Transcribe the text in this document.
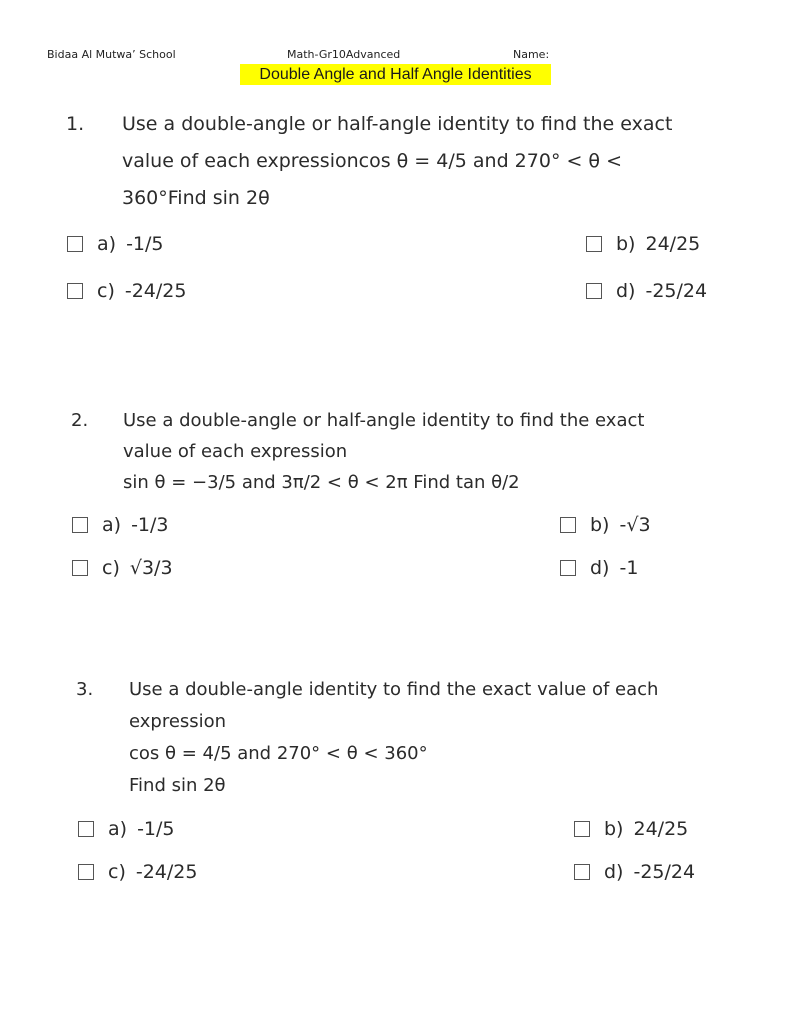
Bidaa Al Mutwa’ School	Math-Gr10Advanced	Name:
Double Angle and Half Angle Identities
1. Use a double-angle or half-angle identity to find the exact
value of each expressioncos θ = 4/5 and 270° < θ <
360°Find sin 2θ
a) -1/5	b) 24/25
c) -24/25	d) -25/24
2. Use a double-angle or half-angle identity to find the exact
value of each expression
sin θ = −3/5 and 3π/2 < θ < 2π Find tan θ/2
a) -1/3	b) -√3
c) √3/3	d) -1
3. Use a double-angle identity to find the exact value of each
expression
cos θ = 4/5 and 270° < θ < 360°
Find sin 2θ
a) -1/5	b) 24/25
c) -24/25	d) -25/24
